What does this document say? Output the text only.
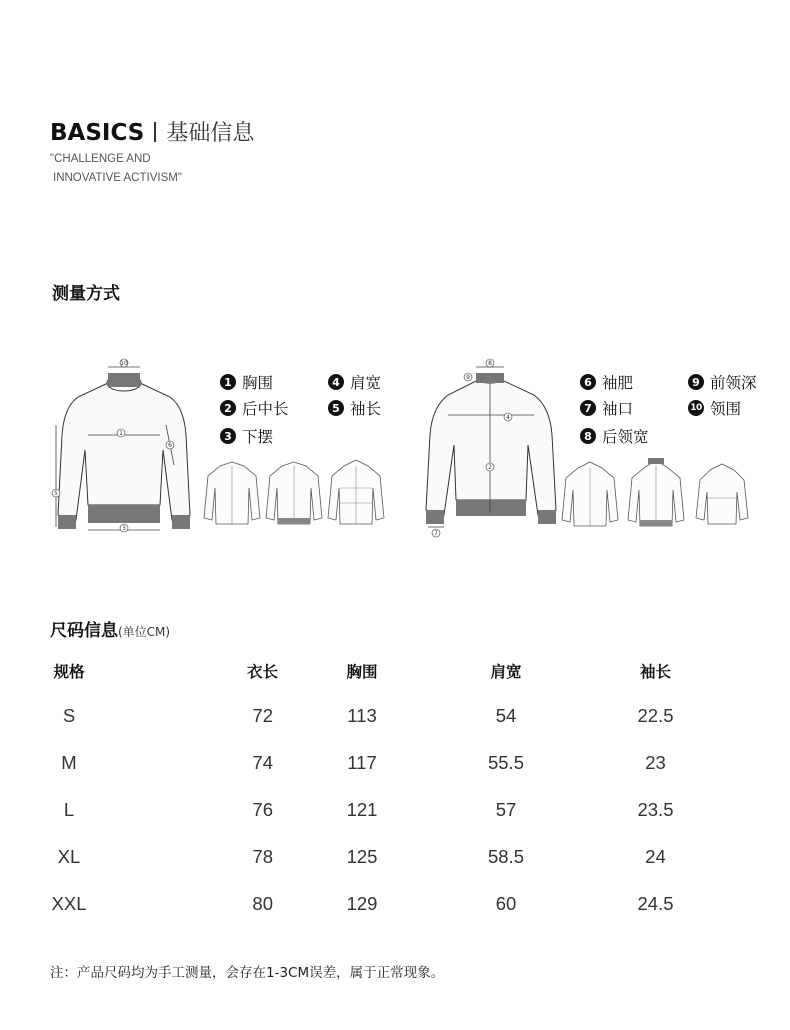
BASICS 基础信息
"CHALLENGE AND
INNOVATIVE ACTIVISM"
测量方式
1 胸围
2 后中长
3 下摆
4 肩宽
5 袖长
6 袖肥
7 袖口
8 后领宽
9 前领深
10 领围
1
3
5
6
10
2
4
7
8
9
尺码信息(单位CM)
规格	衣长	胸围	肩宽	袖长
S	72	113	54	22.5
M	74	117	55.5	23
L	76	121	57	23.5
XL	78	125	58.5	24
XXL	80	129	60	24.5
注：产品尺码均为手工测量，会存在1-3CM误差，属于正常现象。
